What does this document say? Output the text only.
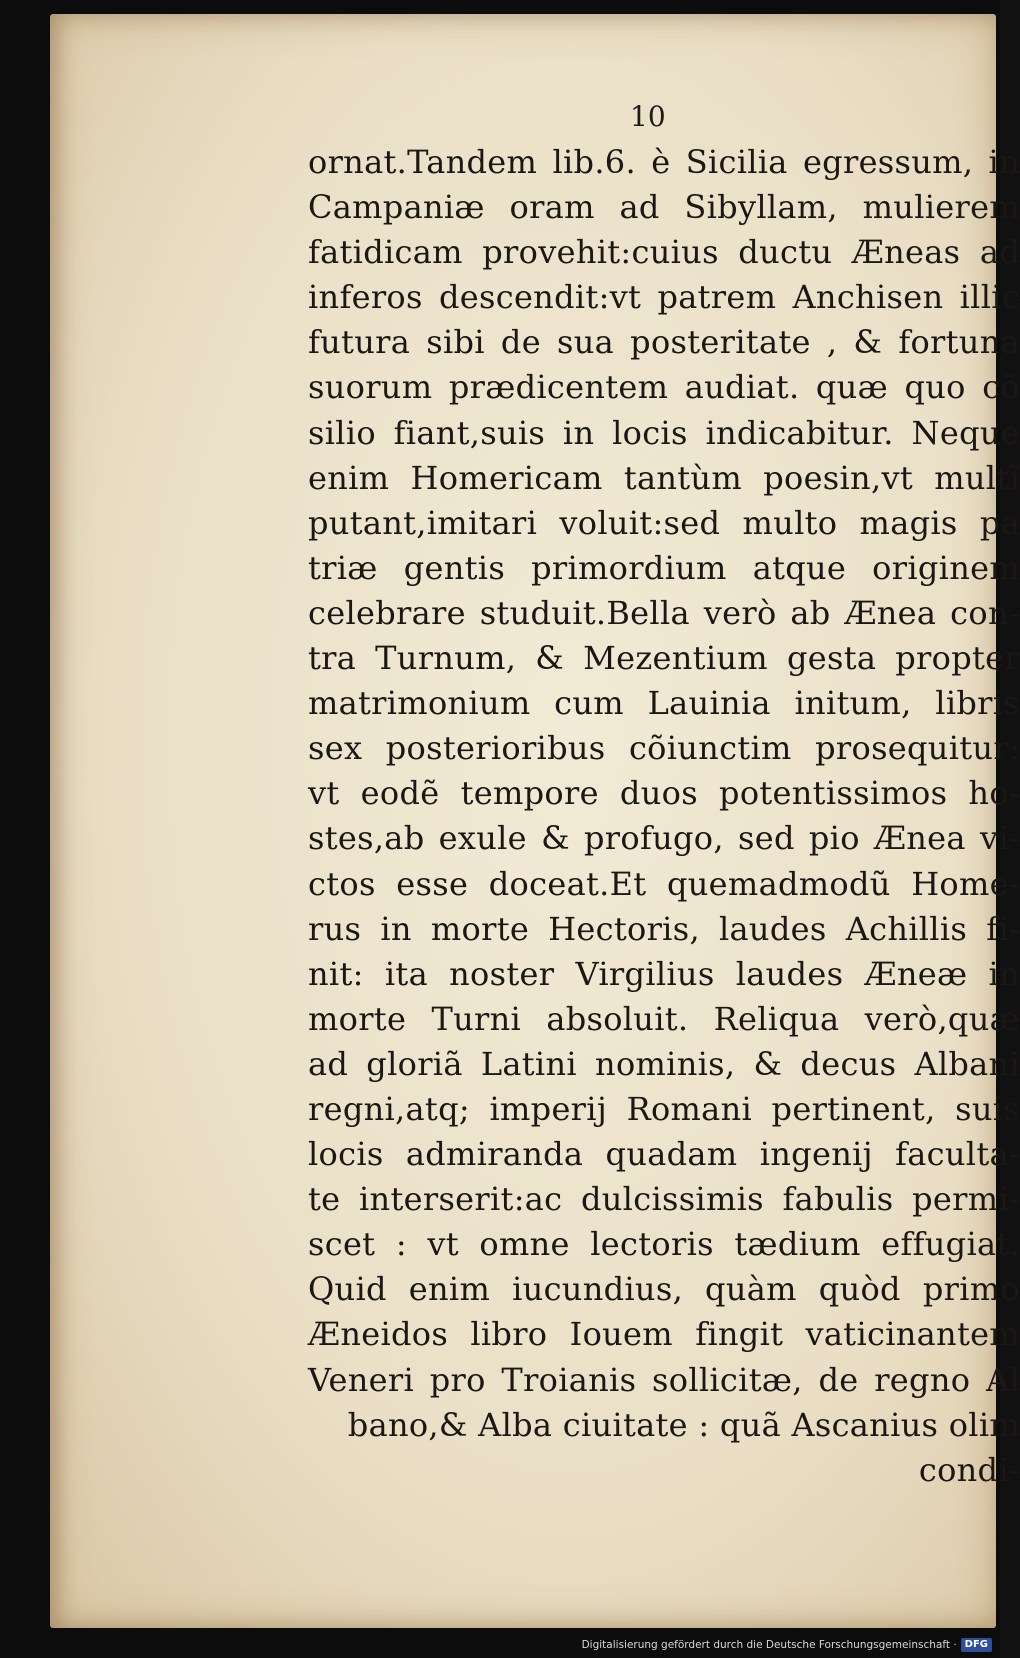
10
ornat.Tandem lib.6. è Sicilia egressum, in
Campaniæ oram ad Sibyllam, mulierem
fatidicam provehit:cuius ductu Æneas ad
inferos descendit:vt patrem Anchisen illic
futura sibi de sua posteritate , & fortuna
suorum prædicentem audiat. quæ quo cõ
silio fiant,suis in locis indicabitur. Neque
enim Homericam tantùm poesin,vt multĩ
putant,imitari voluit:sed multo magis pa
triæ gentis primordium atque originem
celebrare studuit.Bella verò ab Ænea con-
tra Turnum, & Mezentium gesta propter
matrimonium cum Lauinia initum, libris
sex posterioribus cõiunctim prosequitur:
vt eodẽ tempore duos potentissimos ho-
stes,ab exule & profugo, sed pio Ænea vi-
ctos esse doceat.Et quemadmodũ Home-
rus in morte Hectoris, laudes Achillis fi-
nit: ita noster Virgilius laudes Æneæ in
morte Turni absoluit. Reliqua verò,quæ
ad gloriã Latini nominis, & decus Albani
regni,atq; imperij Romani pertinent, suis
locis admiranda quadam ingenij faculta-
te interserit:ac dulcissimis fabulis permi-
scet : vt omne lectoris tædium effugiat.
Quid enim iucundius, quàm quòd primo
Æneidos libro Iouem fingit vaticinantem
Veneri pro Troianis sollicitæ, de regno Al
bano,& Alba ciuitate : quã Ascanius olim
condi-
Digitalisierung gefördert durch die Deutsche Forschungsgemeinschaft · DFG
